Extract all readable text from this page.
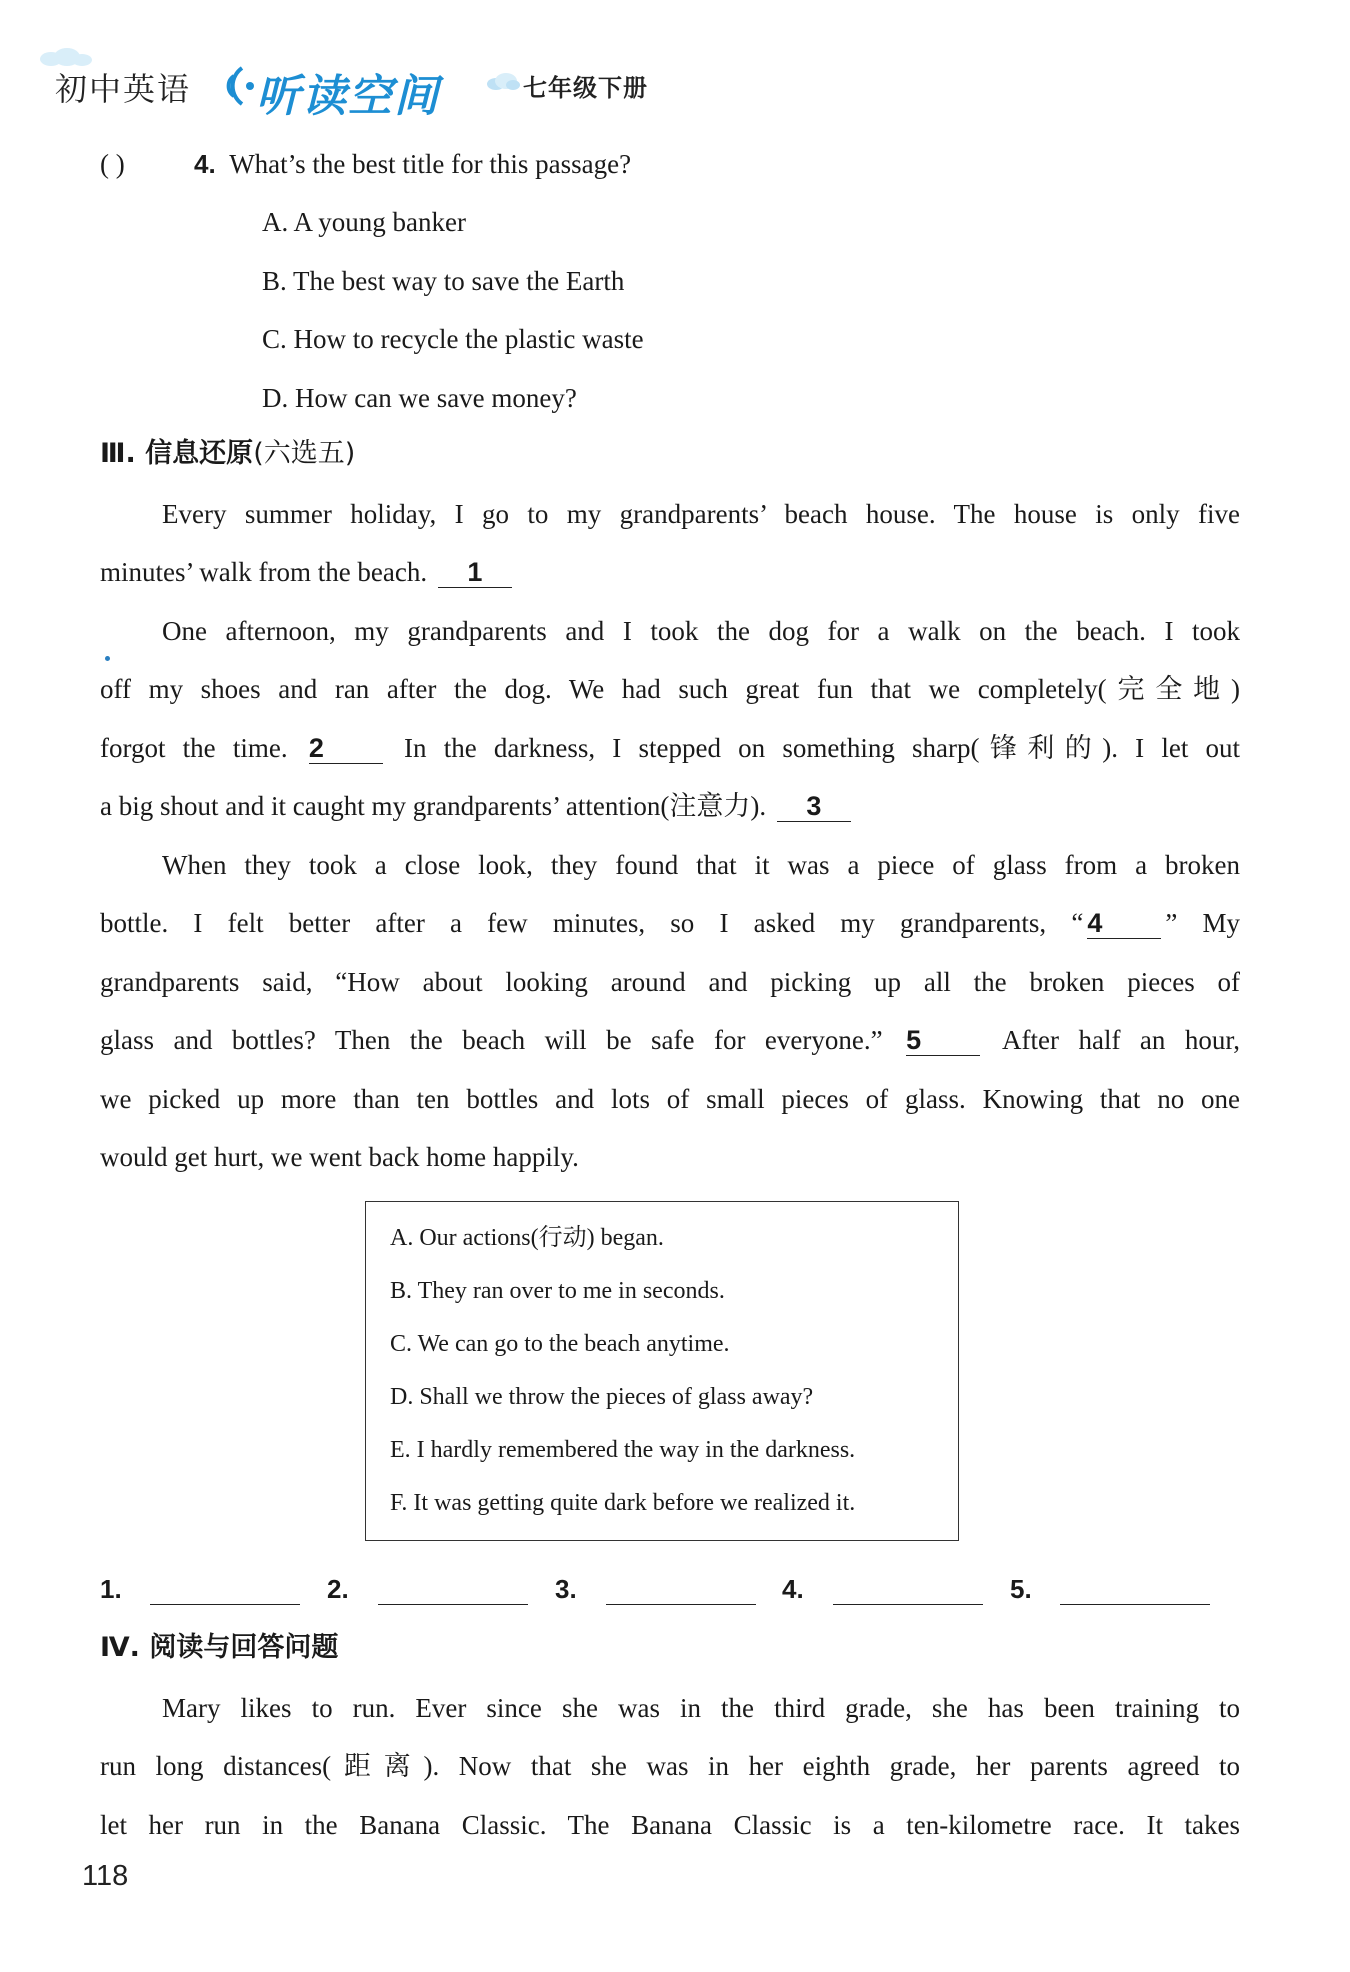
初中英语 听读空间	七年级下册
( )	4. What’s the best title for this passage?
A. A young banker
B. The best way to save the Earth
C. How to recycle the plastic waste
D. How can we save money?
Ⅲ. 信息还原(六选五)
Every summer holiday, I go to my grandparents’ beach house. The house is only five
minutes’ walk from the beach. 1
One afternoon, my grandparents and I took the dog for a walk on the beach. I took
off my shoes and ran after the dog. We had such great fun that we completely(完全地)
forgot the time. 2	In the darkness, I stepped on something sharp(锋利的). I let out
a big shout and it caught my grandparents’ attention(注意力). 3
When they took a close look, they found that it was a piece of glass from a broken
bottle. I felt better after a few minutes, so I asked my grandparents, “ 4 ” My
grandparents said, “How about looking around and picking up all the broken pieces of
glass and bottles? Then the beach will be safe for everyone.” 5	After half an hour,
we picked up more than ten bottles and lots of small pieces of glass. Knowing that no one
would get hurt, we went back home happily.
A. Our actions(行动) began.
B. They ran over to me in seconds.
C. We can go to the beach anytime.
D. Shall we throw the pieces of glass away?
E. I hardly remembered the way in the darkness.
F. It was getting quite dark before we realized it.
1.	2.	3.	4.	5.
Ⅳ. 阅读与回答问题
Mary likes to run. Ever since she was in the third grade, she has been training to
run long distances(距离). Now that she was in her eighth grade, her parents agreed to
let her run in the Banana Classic. The Banana Classic is a ten-kilometre race. It takes
118
